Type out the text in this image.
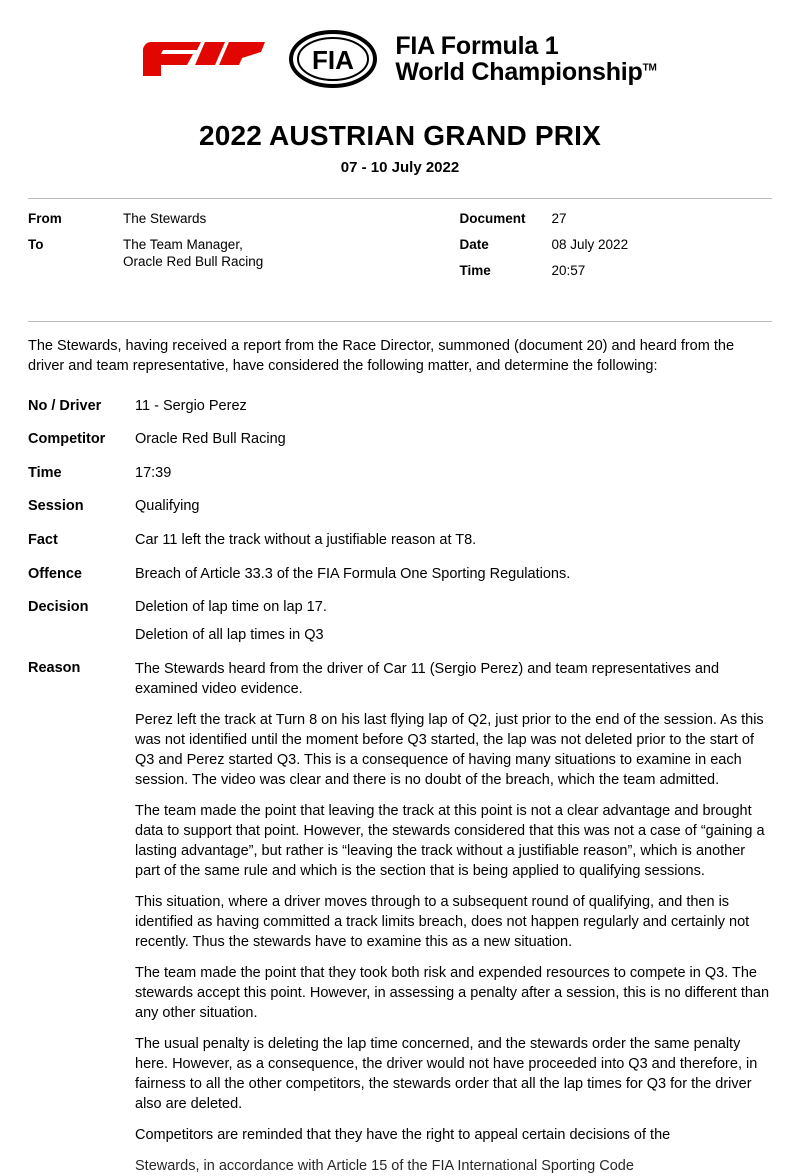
FIA FIA Formula 1
World Championship™
2022 AUSTRIAN GRAND PRIX
07 - 10 July 2022
From	The Stewards
To	The Team Manager,
Oracle Red Bull Racing
Document	27
Date	08 July 2022
Time	20:57
The Stewards, having received a report from the Race Director, summoned (document 20) and heard from the driver and team representative, have considered the following matter, and determine the following:
No / Driver	11 - Sergio Perez
Competitor	Oracle Red Bull Racing
Time	17:39
Session	Qualifying
Fact	Car 11 left the track without a justifiable reason at T8.
Offence	Breach of Article 33.3 of the FIA Formula One Sporting Regulations.
Decision	Deletion of lap time on lap 17.
Deletion of all lap times in Q3
Reason	The Stewards heard from the driver of Car 11 (Sergio Perez) and team representatives and examined video evidence.
Perez left the track at Turn 8 on his last flying lap of Q2, just prior to the end of the session. As this was not identified until the moment before Q3 started, the lap was not deleted prior to the start of Q3 and Perez started Q3. This is a consequence of having many situations to examine in each session. The video was clear and there is no doubt of the breach, which the team admitted.
The team made the point that leaving the track at this point is not a clear advantage and brought data to support that point. However, the stewards considered that this was not a case of “gaining a lasting advantage”, but rather is “leaving the track without a justifiable reason”, which is another part of the same rule and which is the section that is being applied to qualifying sessions.
This situation, where a driver moves through to a subsequent round of qualifying, and then is identified as having committed a track limits breach, does not happen regularly and certainly not recently. Thus the stewards have to examine this as a new situation.
The team made the point that they took both risk and expended resources to compete in Q3. The stewards accept this point. However, in assessing a penalty after a session, this is no different than any other situation.
The usual penalty is deleting the lap time concerned, and the stewards order the same penalty here. However, as a consequence, the driver would not have proceeded into Q3 and therefore, in fairness to all the other competitors, the stewards order that all the lap times for Q3 for the driver also are deleted.
Competitors are reminded that they have the right to appeal certain decisions of the
Stewards, in accordance with Article 15 of the FIA International Sporting Code
